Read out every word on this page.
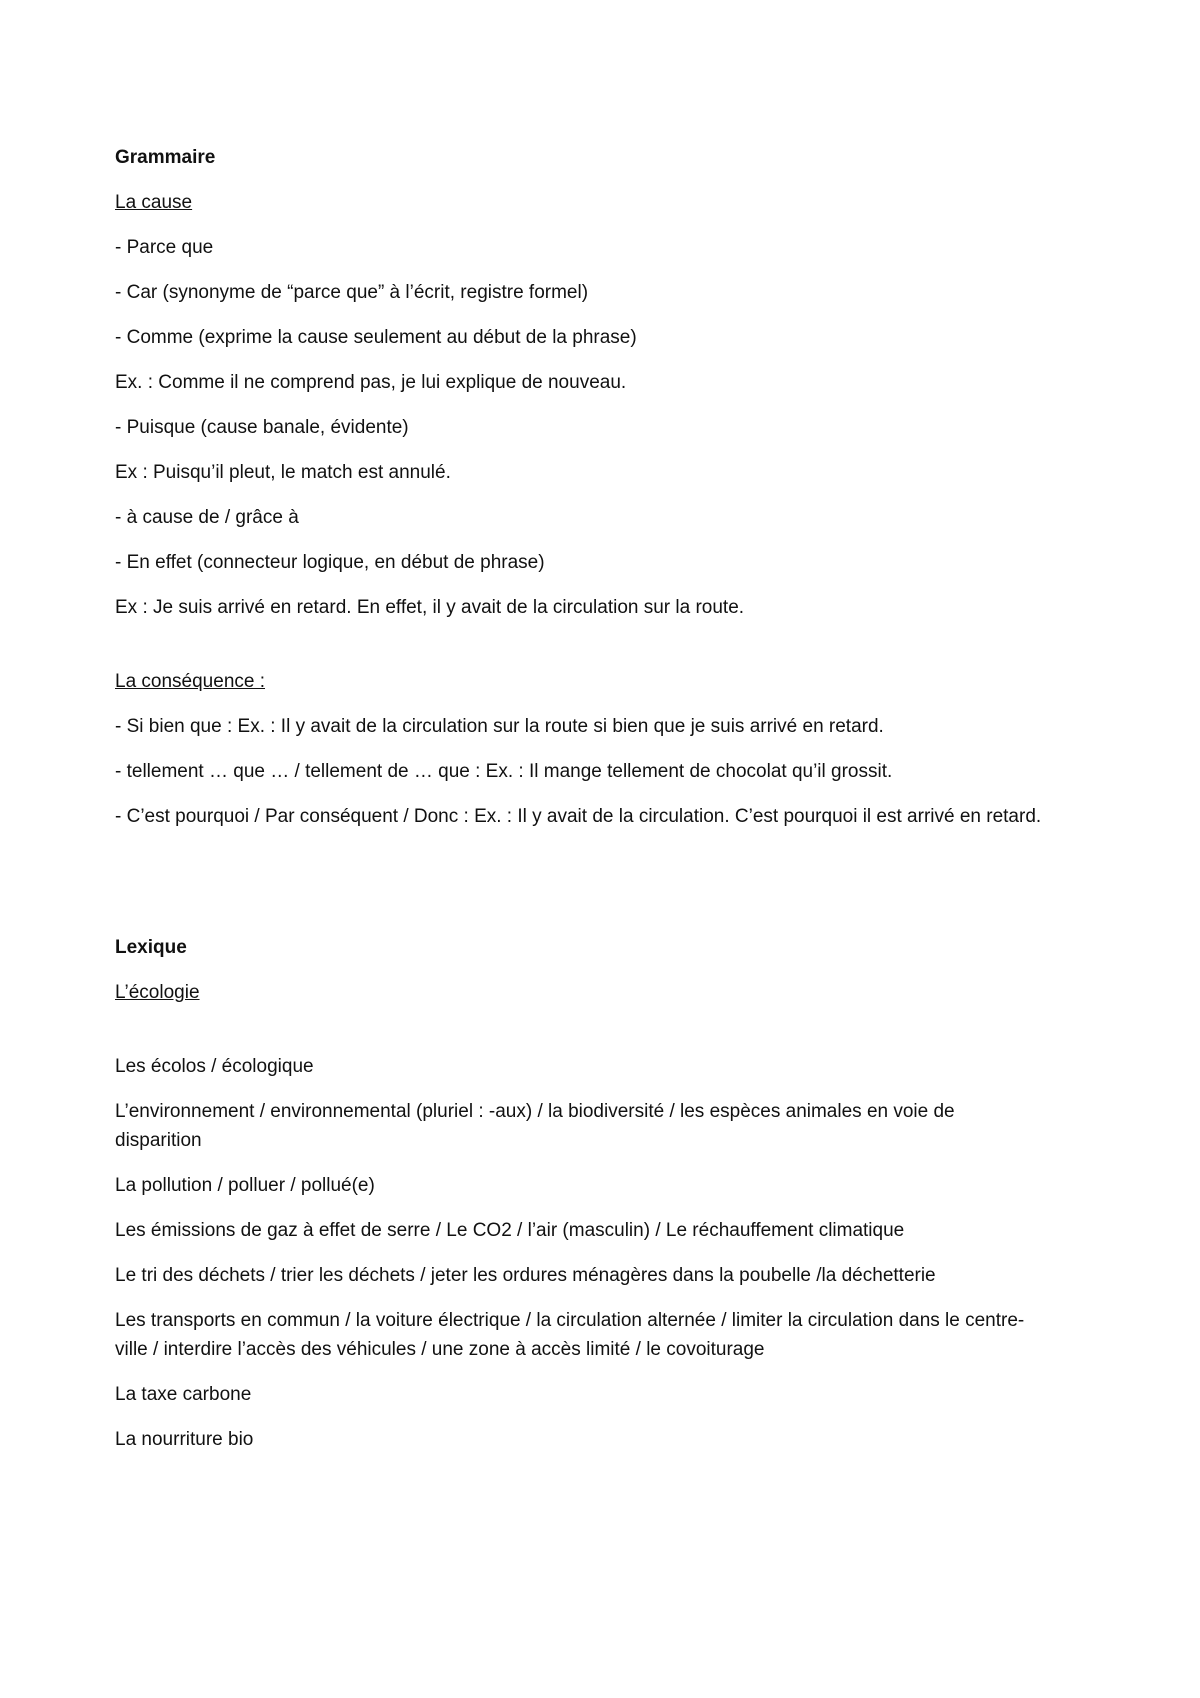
Grammaire
La cause
- Parce que
- Car (synonyme de “parce que” à l’écrit, registre formel)
- Comme (exprime la cause seulement au début de la phrase)
Ex. : Comme il ne comprend pas, je lui explique de nouveau.
- Puisque (cause banale, évidente)
Ex : Puisqu’il pleut, le match est annulé.
- à cause de / grâce à
- En effet (connecteur logique, en début de phrase)
Ex : Je suis arrivé en retard. En effet, il y avait de la circulation sur la route.
La conséquence :
- Si bien que : Ex. : Il y avait de la circulation sur la route si bien que je suis arrivé en retard.
- tellement … que … / tellement de … que : Ex. : Il mange tellement de chocolat qu’il grossit.
- C’est pourquoi / Par conséquent / Donc : Ex. : Il y avait de la circulation. C’est pourquoi il est arrivé en retard.
Lexique
L’écologie
Les écolos / écologique
L’environnement / environnemental (pluriel : -aux) / la biodiversité / les espèces animales en voie de disparition
La pollution / polluer / pollué(e)
Les émissions de gaz à effet de serre / Le CO2 / l’air (masculin) / Le réchauffement climatique
Le tri des déchets / trier les déchets / jeter les ordures ménagères dans la poubelle /la déchetterie
Les transports en commun / la voiture électrique / la circulation alternée / limiter la circulation dans le centre-ville / interdire l’accès des véhicules / une zone à accès limité / le covoiturage
La taxe carbone
La nourriture bio
